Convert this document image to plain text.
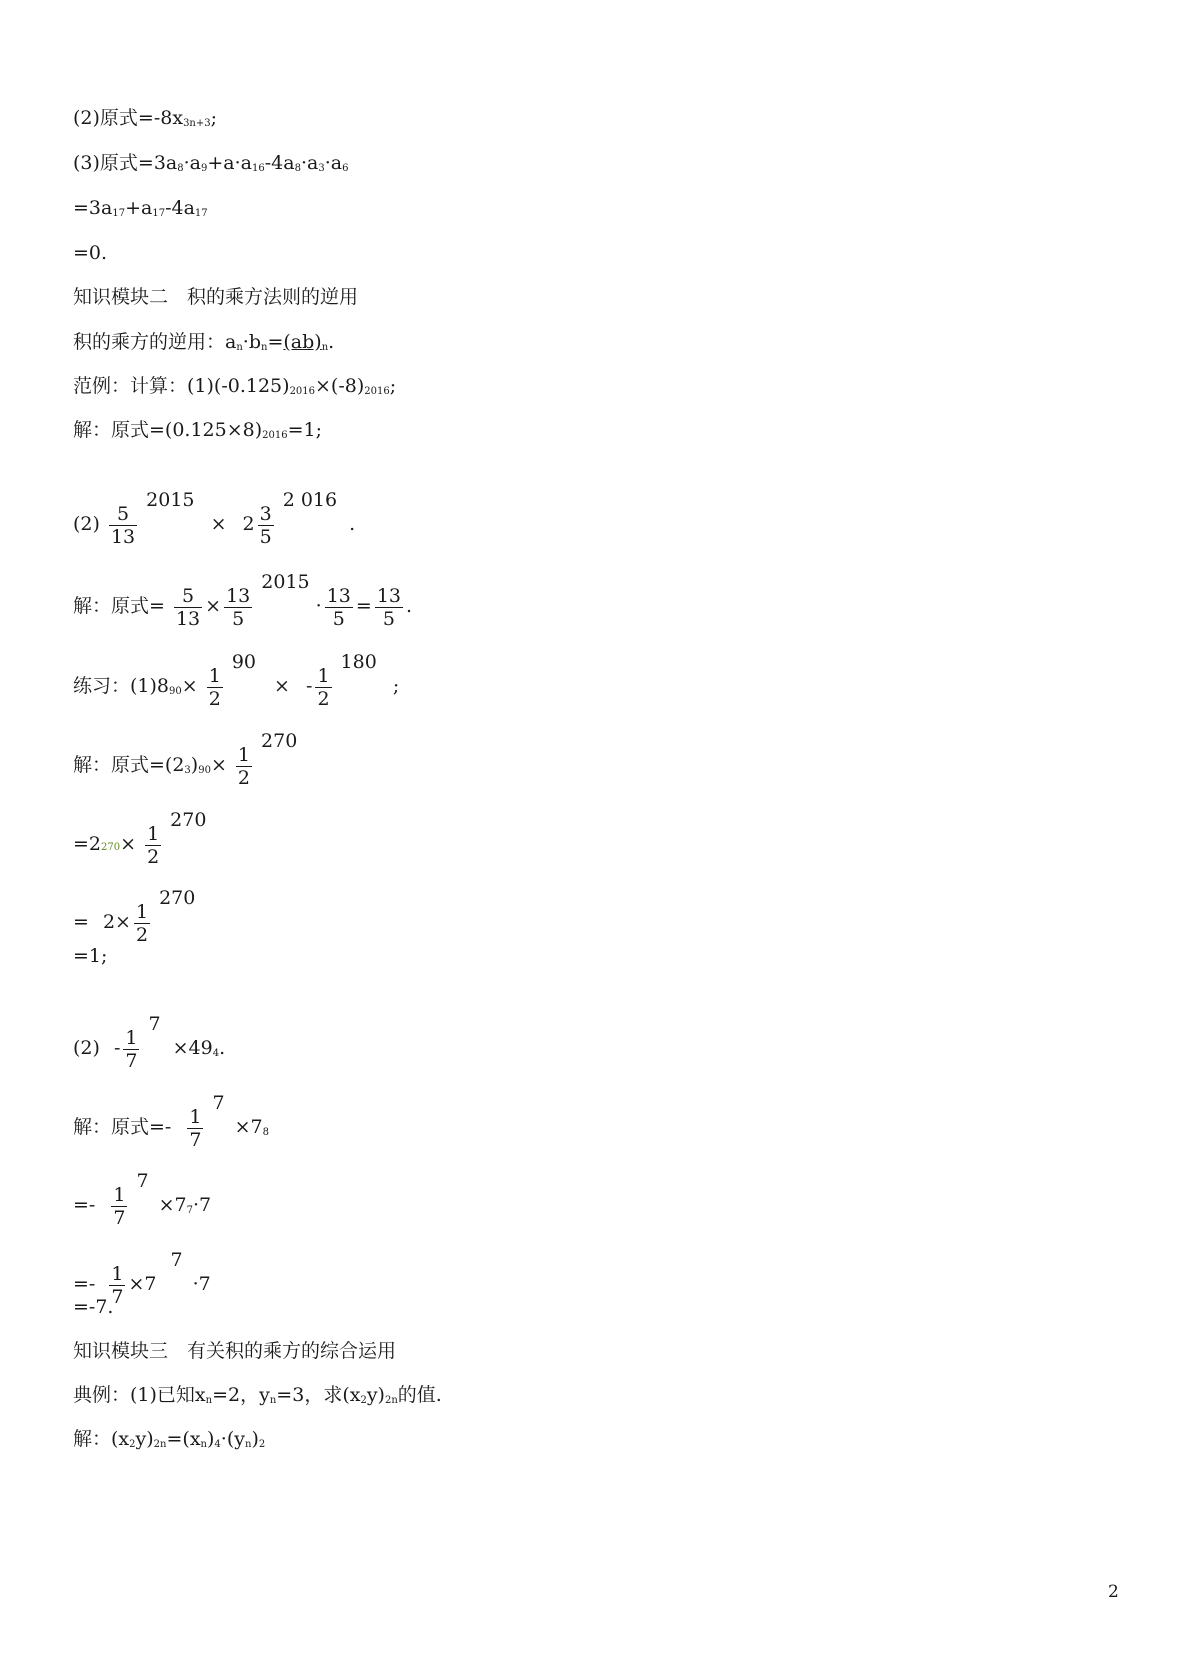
(2)原式=-8x3n+3;
(3)原式=3a8·a9+a·a16-4a8·a3·a6
=3a17+a17-4a17
=0.
知识模块二　积的乘方法则的逆用
积的乘方的逆用：an·bn=(ab)n.
范例：计算：(1)(-0.125)2016×(-8)2016;
解：原式=(0.125×8)2016=1;
$(2) \frac{5}{13}$
$2015 \times 2 \frac{3}{5}$
2 016 .
解：原式= $\frac{5}{13} \times \frac{13}{5}$
$2015 \cdot \frac{13}{5} = \frac{13}{5}$ .
练习：$(1)890\times \frac{1}{2}$
90 × - $\frac{1}{2}$
180 ;
解：原式$=(23)90\times \frac{1}{2}$
270
$=2270\times \frac{1}{2}$
270
= $2\times \frac{1}{2}$
270
=1;
$(2) - \frac{1}{7}$
7 ×494.
解：原式=- $\frac{1}{7}$
7 ×78
=- $\frac{1}{7}$
7 ×77·7
=- $\frac{1}{7} \times 77 \cdot 7$
=-7.
知识模块三　有关积的乘方的综合运用
典例：(1)已知xn=2，yn=3，求(x2y)2n的值.
解：(x2y)2n=(xn)4·(yn)2
2
